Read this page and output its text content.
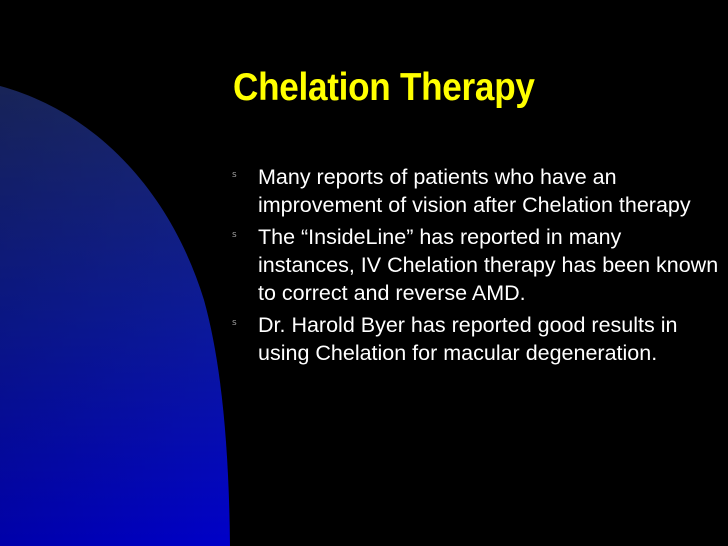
Chelation Therapy
s Many reports of patients who have an improvement of vision after Chelation therapy
s The “InsideLine” has reported in many instances, IV Chelation therapy has been known to correct and reverse AMD.
s Dr. Harold Byer has reported good results in using Chelation for macular degeneration.
